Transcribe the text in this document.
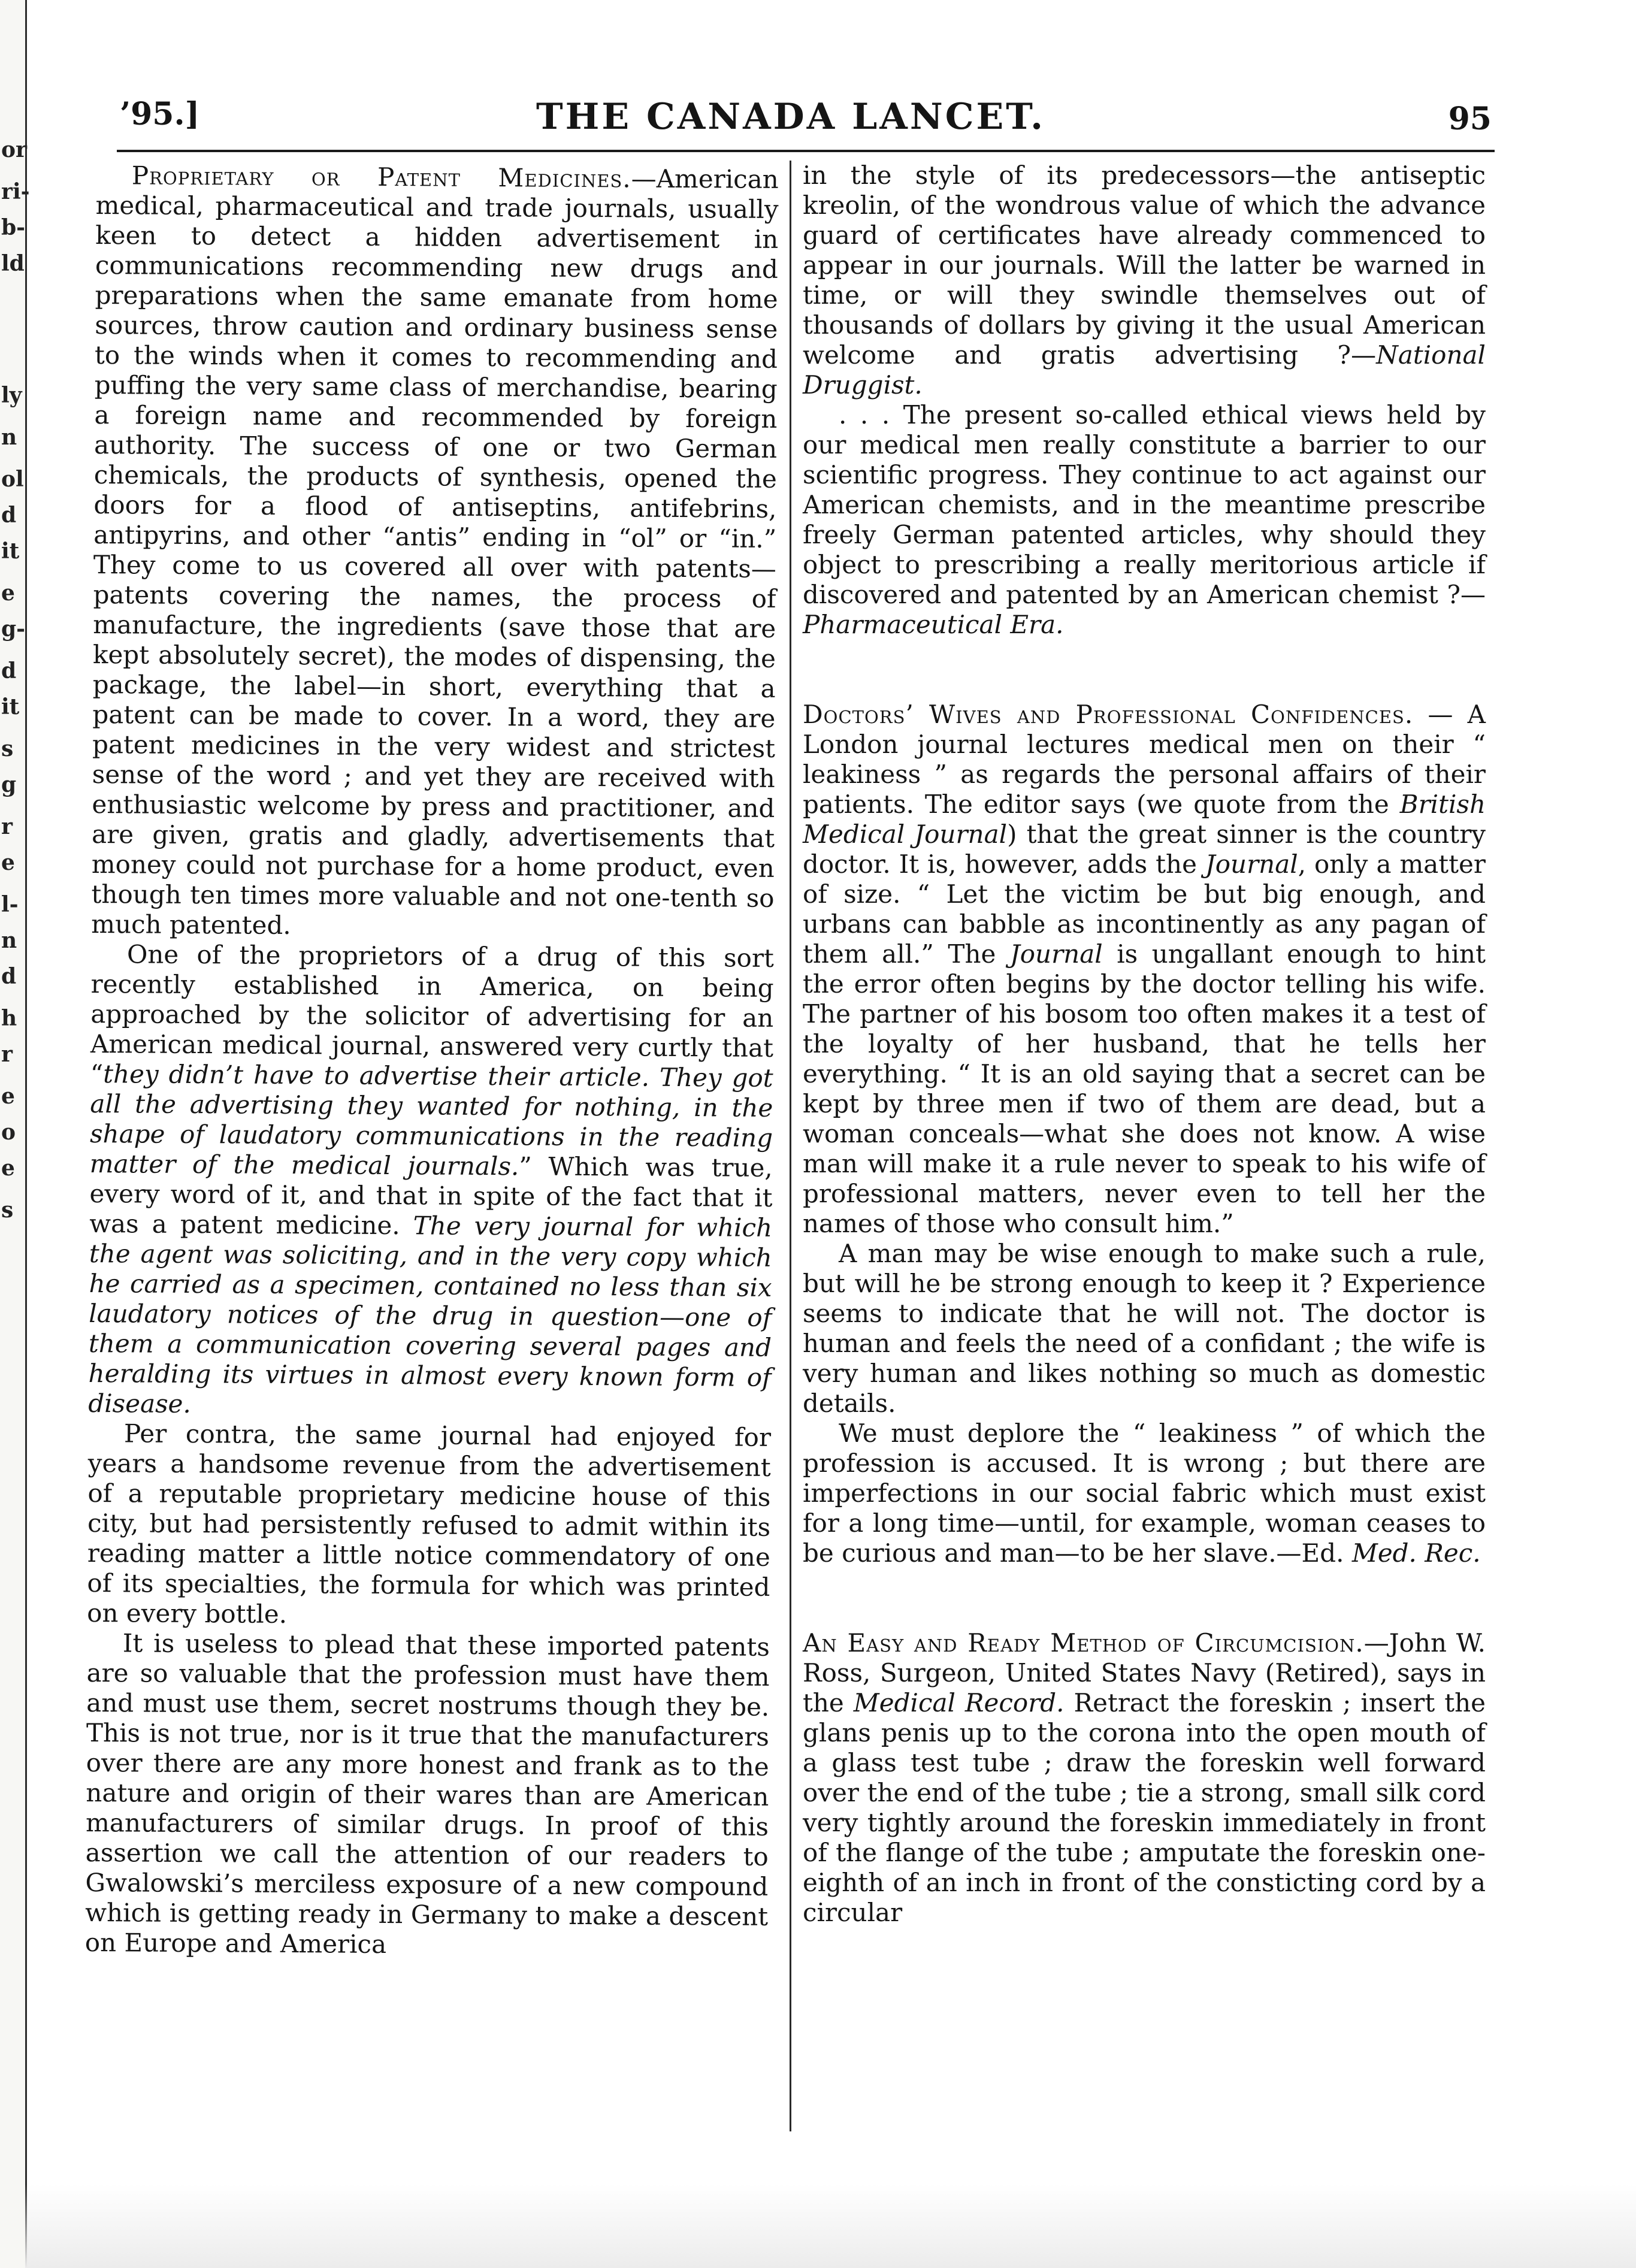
or
ri-
b-
ld
ly
n
ol
d
it
e
g-
d
it
s
g
r
e
l-
n
d
h
r
e
o
e
s
’95.]	THE CANADA LANCET.	95

Proprietary or Patent Medicines.—American medical, pharmaceutical and trade journals, usually keen to detect a hidden advertisement in communications recommending new drugs and preparations when the same emanate from home sources, throw caution and ordinary business sense to the winds when it comes to recommending and puffing the very same class of merchandise, bearing a foreign name and recommended by foreign authority. The success of one or two German chemicals, the products of synthesis, opened the doors for a flood of antiseptins, antifebrins, antipyrins, and other “antis” ending in “ol” or “in.” They come to us covered all over with patents—patents covering the names, the process of manufacture, the ingredients (save those that are kept absolutely secret), the modes of dispensing, the package, the label—in short, everything that a patent can be made to cover. In a word, they are patent medicines in the very widest and strictest sense of the word ; and yet they are received with enthusiastic welcome by press and practitioner, and are given, gratis and gladly, advertisements that money could not purchase for a home product, even though ten times more valuable and not one-tenth so much patented.

One of the proprietors of a drug of this sort recently established in America, on being approached by the solicitor of advertising for an American medical journal, answered very curtly that “they didn’t have to advertise their article. They got all the advertising they wanted for nothing, in the shape of laudatory communications in the reading matter of the medical journals.” Which was true, every word of it, and that in spite of the fact that it was a patent medicine. The very journal for which the agent was soliciting, and in the very copy which he carried as a specimen, contained no less than six laudatory notices of the drug in question—one of them a communication covering several pages and heralding its virtues in almost every known form of disease.

Per contra, the same journal had enjoyed for years a handsome revenue from the advertisement of a reputable proprietary medicine house of this city, but had persistently refused to admit within its reading matter a little notice commendatory of one of its specialties, the formula for which was printed on every bottle.

It is useless to plead that these imported patents are so valuable that the profession must have them and must use them, secret nostrums though they be. This is not true, nor is it true that the manufacturers over there are any more honest and frank as to the nature and origin of their wares than are American manufacturers of similar drugs. In proof of this assertion we call the attention of our readers to Gwalowski’s merciless exposure of a new compound which is getting ready in Germany to make a descent on Europe and America

in the style of its predecessors—the antiseptic kreolin, of the wondrous value of which the advance guard of certificates have already commenced to appear in our journals. Will the latter be warned in time, or will they swindle themselves out of thousands of dollars by giving it the usual American welcome and gratis advertising ?—National Druggist.

. . . The present so-called ethical views held by our medical men really constitute a barrier to our scientific progress. They continue to act against our American chemists, and in the meantime prescribe freely German patented articles, why should they object to prescribing a really meritorious article if discovered and patented by an American chemist ?—Pharmaceutical Era.

Doctors’ Wives and Professional Confidences. — A London journal lectures medical men on their “ leakiness ” as regards the personal affairs of their patients. The editor says (we quote from the British Medical Journal) that the great sinner is the country doctor. It is, however, adds the Journal, only a matter of size. “ Let the victim be but big enough, and urbans can babble as incontinently as any pagan of them all.” The Journal is ungallant enough to hint the error often begins by the doctor telling his wife. The partner of his bosom too often makes it a test of the loyalty of her husband, that he tells her everything. “ It is an old saying that a secret can be kept by three men if two of them are dead, but a woman conceals—what she does not know. A wise man will make it a rule never to speak to his wife of professional matters, never even to tell her the names of those who consult him.”

A man may be wise enough to make such a rule, but will he be strong enough to keep it ? Experience seems to indicate that he will not. The doctor is human and feels the need of a confidant ; the wife is very human and likes nothing so much as domestic details.

We must deplore the “ leakiness ” of which the profession is accused. It is wrong ; but there are imperfections in our social fabric which must exist for a long time—until, for example, woman ceases to be curious and man—to be her slave.—Ed. Med. Rec.

An Easy and Ready Method of Circumcision.—John W. Ross, Surgeon, United States Navy (Retired), says in the Medical Record. Retract the foreskin ; insert the glans penis up to the corona into the open mouth of a glass test tube ; draw the foreskin well forward over the end of the tube ; tie a strong, small silk cord very tightly around the foreskin immediately in front of the flange of the tube ; amputate the foreskin one-eighth of an inch in front of the consticting cord by a circular
